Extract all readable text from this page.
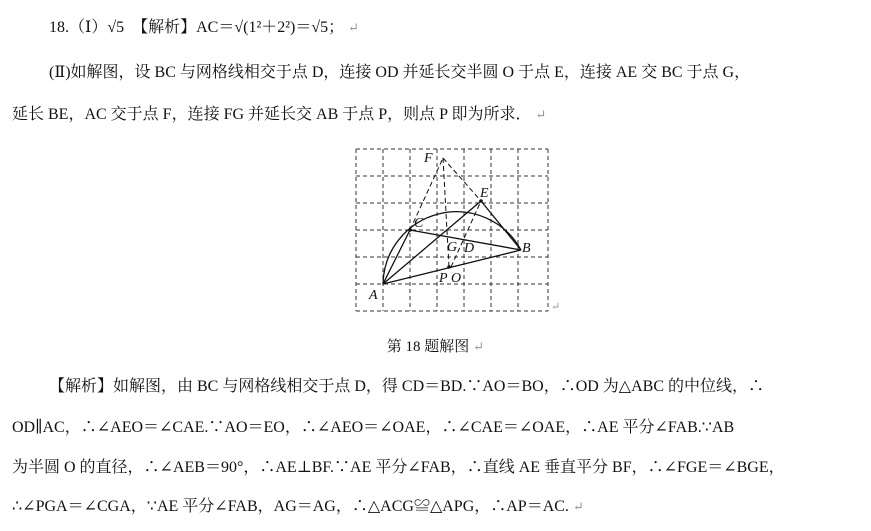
18.（Ⅰ）√5　【解析】AC＝√(1²＋2²)＝√5； ↵
(Ⅱ)如解图，设 BC 与网格线相交于点 D，连接 OD 并延长交半圆 O 于点 E，连接 AE 交 BC 于点 G，
延长 BE，AC 交于点 F，连接 FG 并延长交 AB 于点 P，则点 P 即为所求． ↵
F
E
C
G D	B
P O
A
↵
第 18 题解图 ↵
【解析】如解图，由 BC 与网格线相交于点 D，得 CD＝BD.∵AO＝BO，∴OD 为△ABC 的中位线，∴
OD∥AC，∴∠AEO＝∠CAE.∵AO＝EO，∴∠AEO＝∠OAE，∴∠CAE＝∠OAE，∴AE 平分∠FAB.∵AB
为半圆 O 的直径，∴∠AEB＝90°，∴AE⊥BF.∵AE 平分∠FAB，∴直线 AE 垂直平分 BF，∴∠FGE＝∠BGE，
∴∠PGA＝∠CGA，∵AE 平分∠FAB，AG＝AG，∴△ACG≌△APG，∴AP＝AC. ↵
